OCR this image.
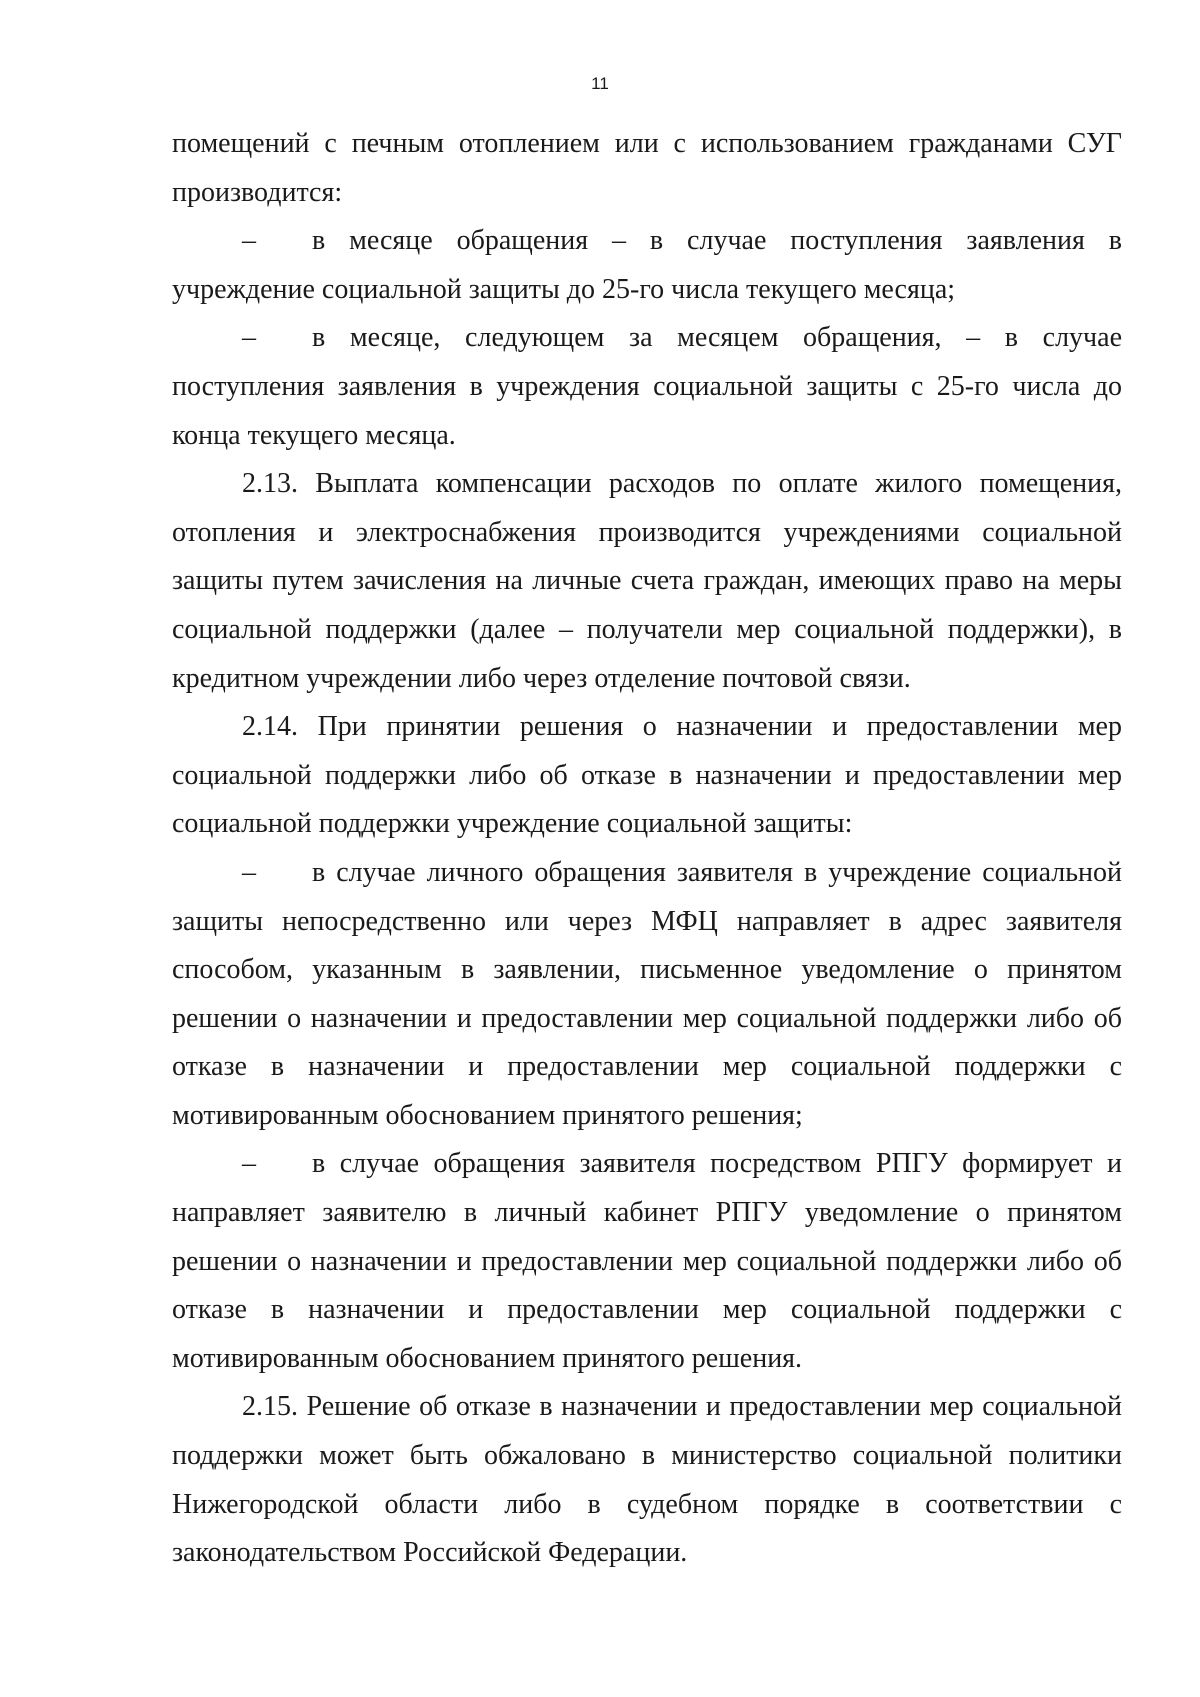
11

помещений с печным отоплением или с использованием гражданами СУГ производится:

– в месяце обращения – в случае поступления заявления в учреждение социальной защиты до 25-го числа текущего месяца;

– в месяце, следующем за месяцем обращения, – в случае поступления заявления в учреждения социальной защиты с 25-го числа до конца текущего месяца.

2.13. Выплата компенсации расходов по оплате жилого помещения, отопления и электроснабжения производится учреждениями социальной защиты путем зачисления на личные счета граждан, имеющих право на меры социальной поддержки (далее – получатели мер социальной поддержки), в кредитном учреждении либо через отделение почтовой связи.

2.14. При принятии решения о назначении и предоставлении мер социальной поддержки либо об отказе в назначении и предоставлении мер социальной поддержки учреждение социальной защиты:

– в случае личного обращения заявителя в учреждение социальной защиты непосредственно или через МФЦ направляет в адрес заявителя способом, указанным в заявлении, письменное уведомление о принятом решении о назначении и предоставлении мер социальной поддержки либо об отказе в назначении и предоставлении мер социальной поддержки с мотивированным обоснованием принятого решения;

– в случае обращения заявителя посредством РПГУ формирует и направляет заявителю в личный кабинет РПГУ уведомление о принятом решении о назначении и предоставлении мер социальной поддержки либо об отказе в назначении и предоставлении мер социальной поддержки с мотивированным обоснованием принятого решения.

2.15. Решение об отказе в назначении и предоставлении мер социальной поддержки может быть обжаловано в министерство социальной политики Нижегородской области либо в судебном порядке в соответствии с законодательством Российской Федерации.
